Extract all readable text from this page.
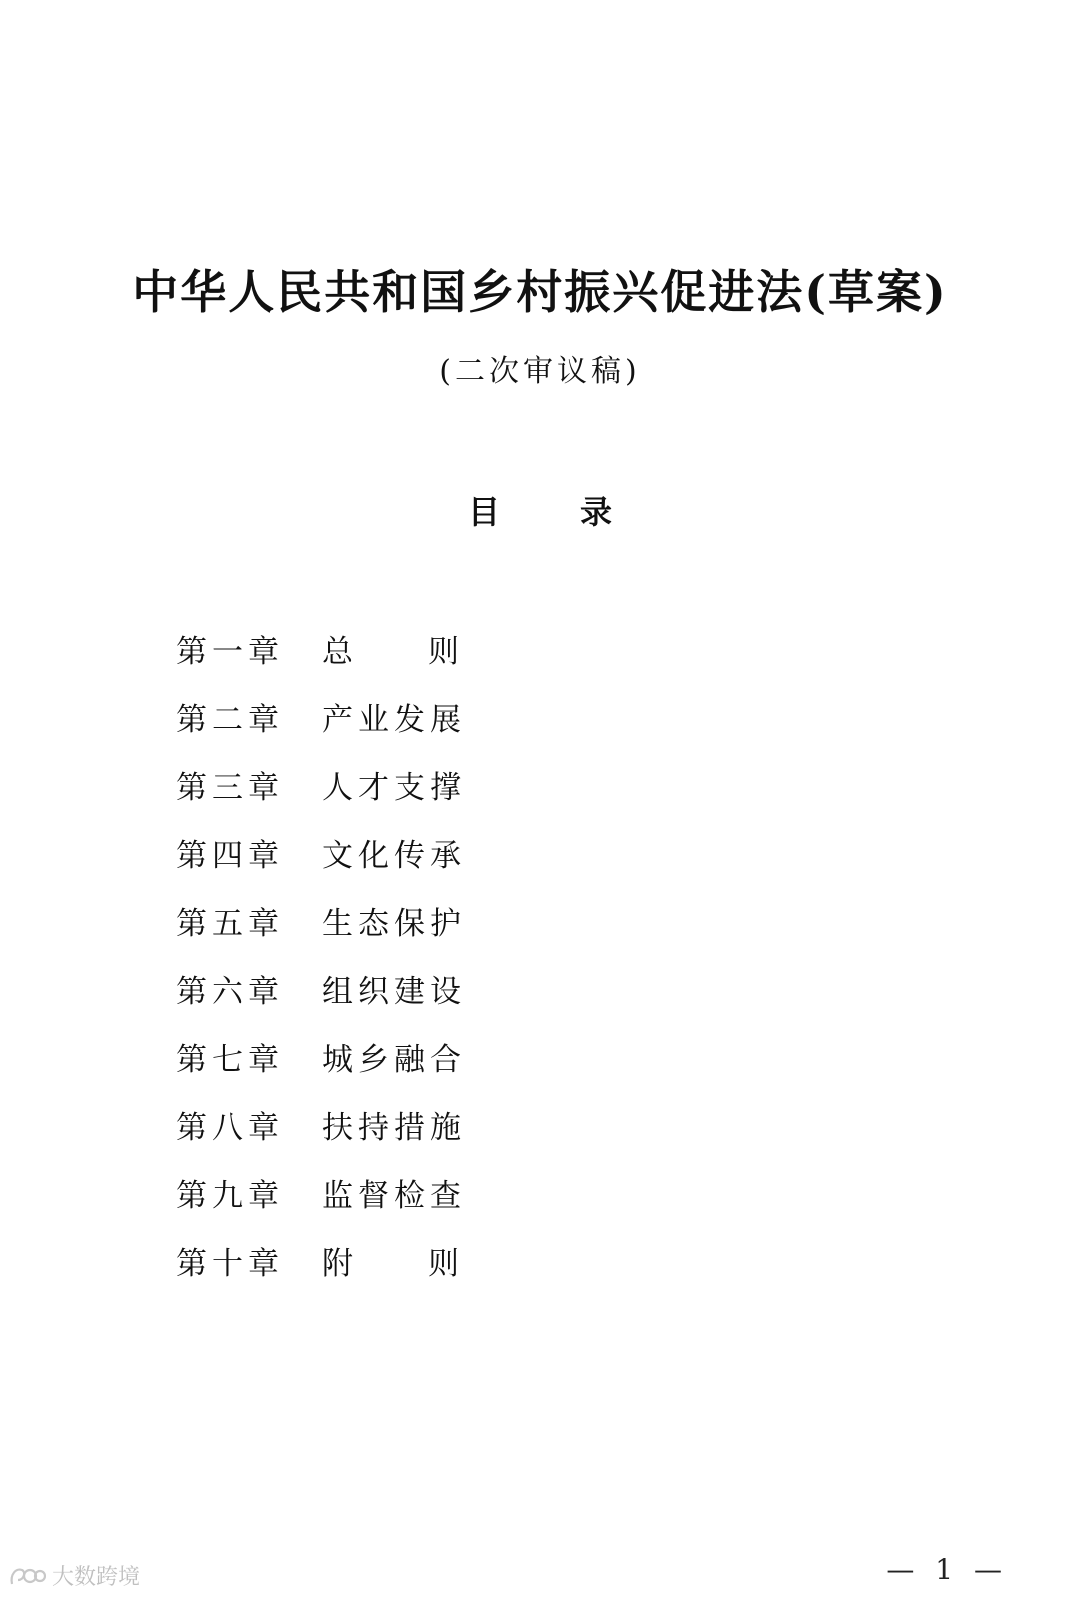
中华人民共和国乡村振兴促进法(草案)
(二次审议稿)
目	录
第一章	总 则
第二章	产业发展
第三章	人才支撑
第四章	文化传承
第五章	生态保护
第六章	组织建设
第七章	城乡融合
第八章	扶持措施
第九章	监督检查
第十章	附 则
— 1 —
大数跨境
